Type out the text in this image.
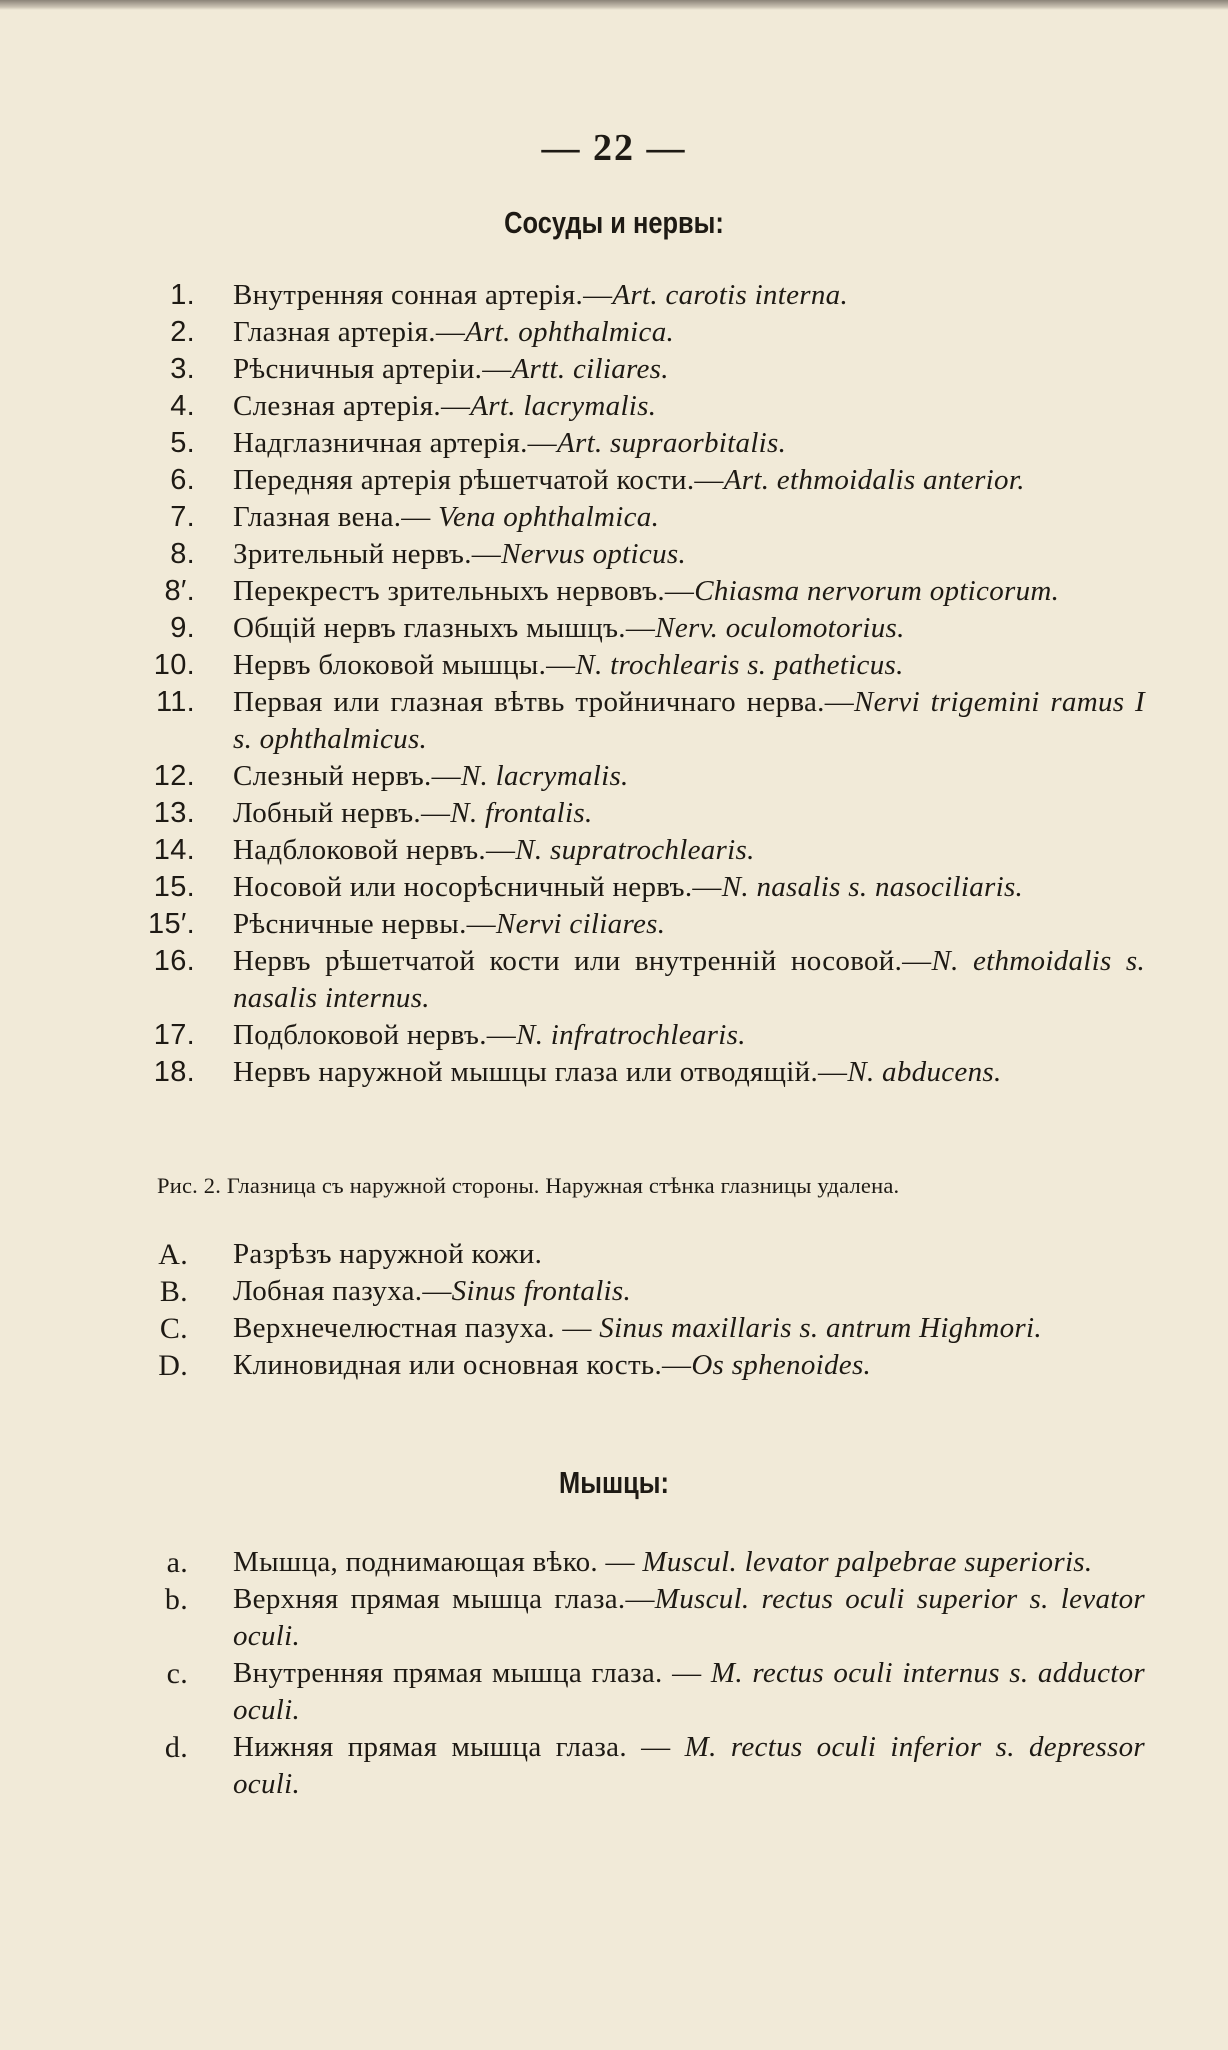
— 22 —
Сосуды и нервы:
1. Внутренняя сонная артерія.—Art. carotis interna.
2. Глазная артерія.—Art. ophthalmica.
3. Рѣсничныя артеріи.—Artt. ciliares.
4. Слезная артерія.—Art. lacrymalis.
5. Надглазничная артерія.—Art. supraorbitalis.
6. Передняя артерія рѣшетчатой кости.—Art. ethmoidalis anterior.
7. Глазная вена.— Vena ophthalmica.
8. Зрительный нервъ.—Nervus opticus.
8′. Перекрестъ зрительныхъ нервовъ.—Chiasma nervorum opticorum.
9. Общій нервъ глазныхъ мышцъ.—Nerv. oculomotorius.
10. Нервъ блоковой мышцы.—N. trochlearis s. patheticus.
11. Первая или глазная вѣтвь тройничнаго нерва.—Nervi trigemini ramus I s. ophthalmicus.
12. Слезный нервъ.—N. lacrymalis.
13. Лобный нервъ.—N. frontalis.
14. Надблоковой нервъ.—N. supratrochlearis.
15. Носовой или носорѣсничный нервъ.—N. nasalis s. nasociliaris.
15′. Рѣсничные нервы.—Nervi ciliares.
16. Нервъ рѣшетчатой кости или внутренній носовой.—N. ethmoidalis s. nasalis internus.
17. Подблоковой нервъ.—N. infratrochlearis.
18. Нервъ наружной мышцы глаза или отводящій.—N. abducens.
Рис. 2. Глазница съ наружной стороны. Наружная стѣнка глазницы удалена.
A. Разрѣзъ наружной кожи.
B. Лобная пазуха.—Sinus frontalis.
C. Верхнечелюстная пазуха. — Sinus maxillaris s. antrum Highmori.
D. Клиновидная или основная кость.—Os sphenoides.
Мышцы:
a. Мышца, поднимающая вѣко. — Muscul. levator palpebrae superioris.
b. Верхняя прямая мышца глаза.—Muscul. rectus oculi superior s. levator oculi.
c. Внутренняя прямая мышца глаза. — M. rectus oculi internus s. adductor oculi.
d. Нижняя прямая мышца глаза. — M. rectus oculi inferior s. depressor oculi.
